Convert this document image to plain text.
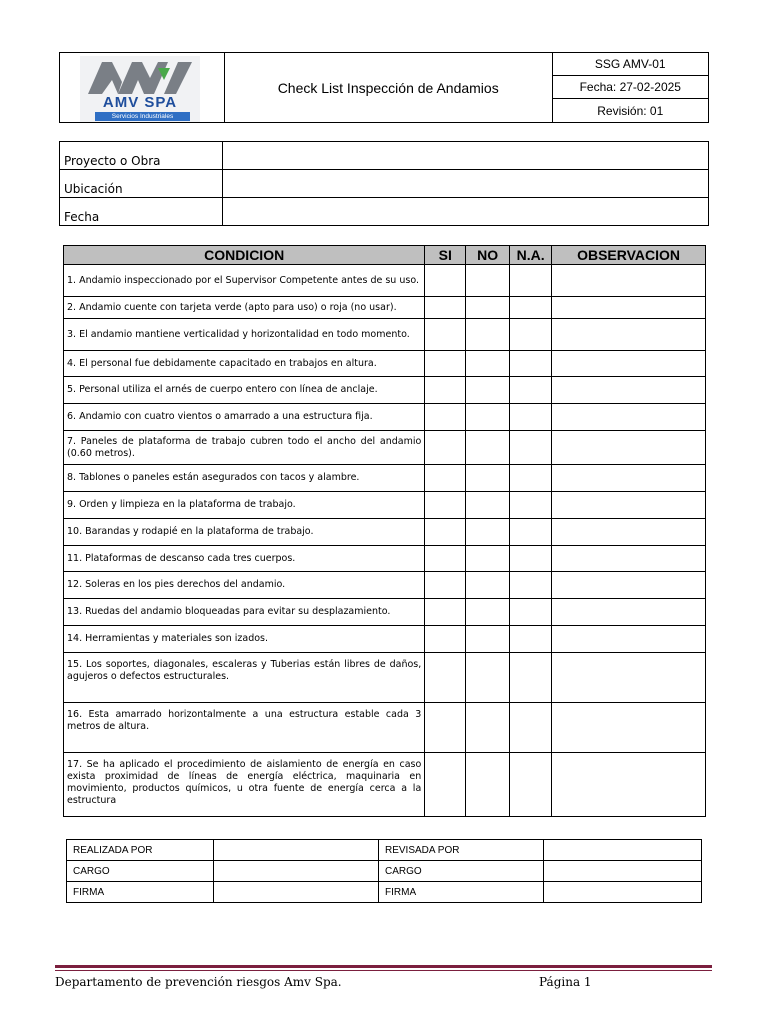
AMV SPA
Servicios Industriales
	Check List Inspección de Andamios	
SSG AMV-01
Fecha: 27-02-2025
Revisión: 01
Proyecto o Obra	
Ubicación	
Fecha	
CONDICION	SI	NO	N.A.	OBSERVACION
1. Andamio inspeccionado por el Supervisor Competente antes de su uso.				
2. Andamio cuente con tarjeta verde (apto para uso) o roja (no usar).				
3. El andamio mantiene verticalidad y horizontalidad en todo momento.				
4. El personal fue debidamente capacitado en trabajos en altura.				
5. Personal utiliza el arnés de cuerpo entero con línea de anclaje.				
6. Andamio con cuatro vientos o amarrado a una estructura fija.				
7. Paneles de plataforma de trabajo cubren todo el ancho del andamio (0.60 metros).				
8. Tablones o paneles están asegurados con tacos y alambre.				
9. Orden y limpieza en la plataforma de trabajo.				
10. Barandas y rodapié en la plataforma de trabajo.				
11. Plataformas de descanso cada tres cuerpos.				
12. Soleras en los pies derechos del andamio.				
13. Ruedas del andamio bloqueadas para evitar su desplazamiento.				
14. Herramientas y materiales son izados.				
15. Los soportes, diagonales, escaleras y Tuberias están libres de daños, agujeros o defectos estructurales.				
16. Esta amarrado horizontalmente a una estructura estable cada 3 metros de altura.				
17. Se ha aplicado el procedimiento de aislamiento de energía en caso exista proximidad de líneas de energía eléctrica, maquinaria en movimiento, productos químicos, u otra fuente de energía cerca a la estructura				
REALIZADA POR		REVISADA POR	
CARGO		CARGO	
FIRMA		FIRMA	
Departamento de prevención riesgos Amv Spa.	Página 1
